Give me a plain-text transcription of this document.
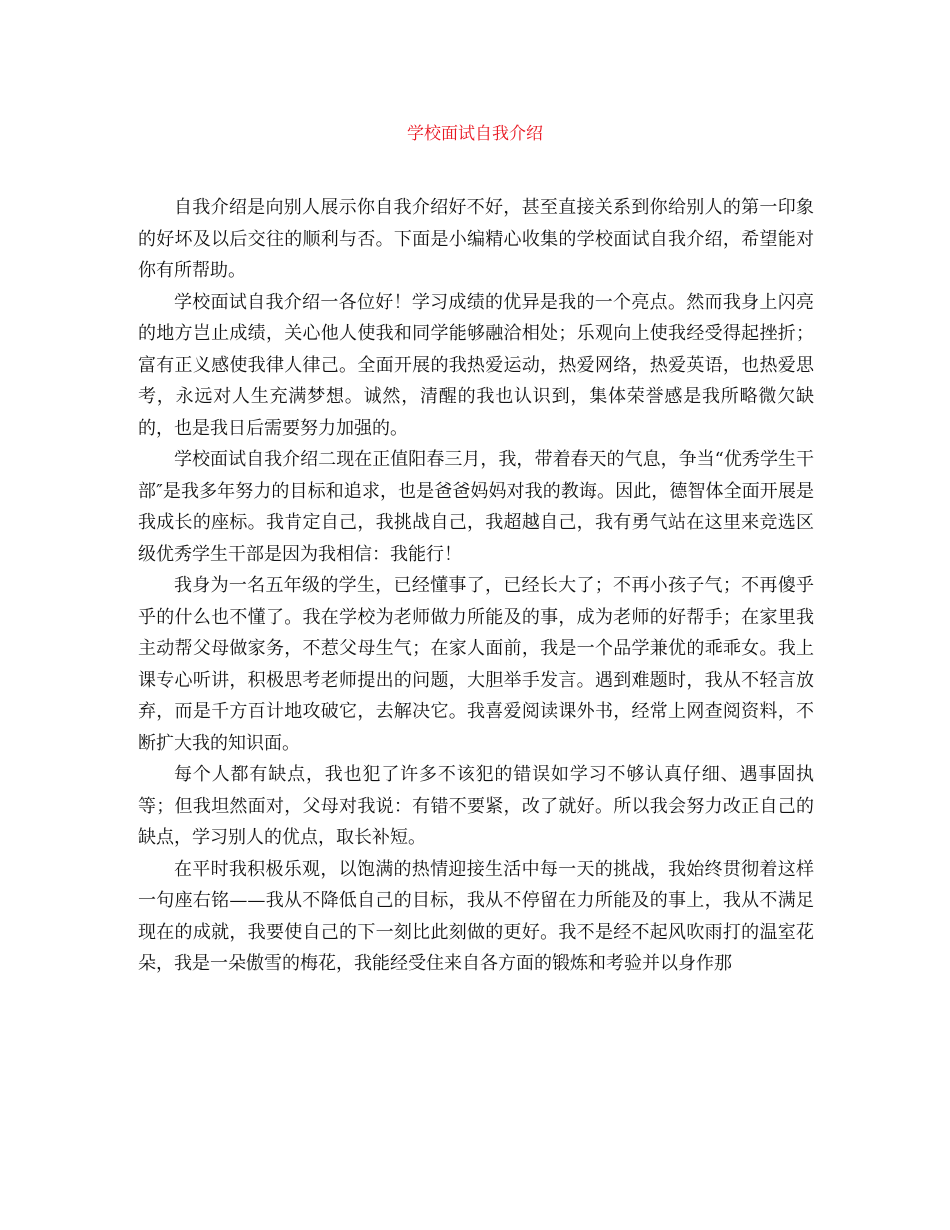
学校面试自我介绍

自我介绍是向别人展示你自我介绍好不好，甚至直接关系到你给别人的第一印象的好坏及以后交往的顺利与否。下面是小编精心收集的学校面试自我介绍，希望能对你有所帮助。

学校面试自我介绍一各位好！学习成绩的优异是我的一个亮点。然而我身上闪亮的地方岂止成绩，关心他人使我和同学能够融洽相处；乐观向上使我经受得起挫折；富有正义感使我律人律己。全面开展的我热爱运动，热爱网络，热爱英语，也热爱思考，永远对人生充满梦想。诚然，清醒的我也认识到，集体荣誉感是我所略微欠缺的，也是我日后需要努力加强的。

学校面试自我介绍二现在正值阳春三月，我，带着春天的气息，争当“优秀学生干部″是我多年努力的目标和追求，也是爸爸妈妈对我的教诲。因此，德智体全面开展是我成长的座标。我肯定自己，我挑战自己，我超越自己，我有勇气站在这里来竞选区级优秀学生干部是因为我相信：我能行！

我身为一名五年级的学生，已经懂事了，已经长大了；不再小孩子气；不再傻乎乎的什么也不懂了。我在学校为老师做力所能及的事，成为老师的好帮手；在家里我主动帮父母做家务，不惹父母生气；在家人面前，我是一个品学兼优的乖乖女。我上课专心听讲，积极思考老师提出的问题，大胆举手发言。遇到难题时，我从不轻言放弃，而是千方百计地攻破它，去解决它。我喜爱阅读课外书，经常上网查阅资料，不断扩大我的知识面。

每个人都有缺点，我也犯了许多不该犯的错误如学习不够认真仔细、遇事固执等；但我坦然面对，父母对我说：有错不要紧，改了就好。所以我会努力改正自己的缺点，学习别人的优点，取长补短。

在平时我积极乐观，以饱满的热情迎接生活中每一天的挑战，我始终贯彻着这样一句座右铭——我从不降低自己的目标，我从不停留在力所能及的事上，我从不满足现在的成就，我要使自己的下一刻比此刻做的更好。我不是经不起风吹雨打的温室花朵，我是一朵傲雪的梅花，我能经受住来自各方面的锻炼和考验并以身作那
